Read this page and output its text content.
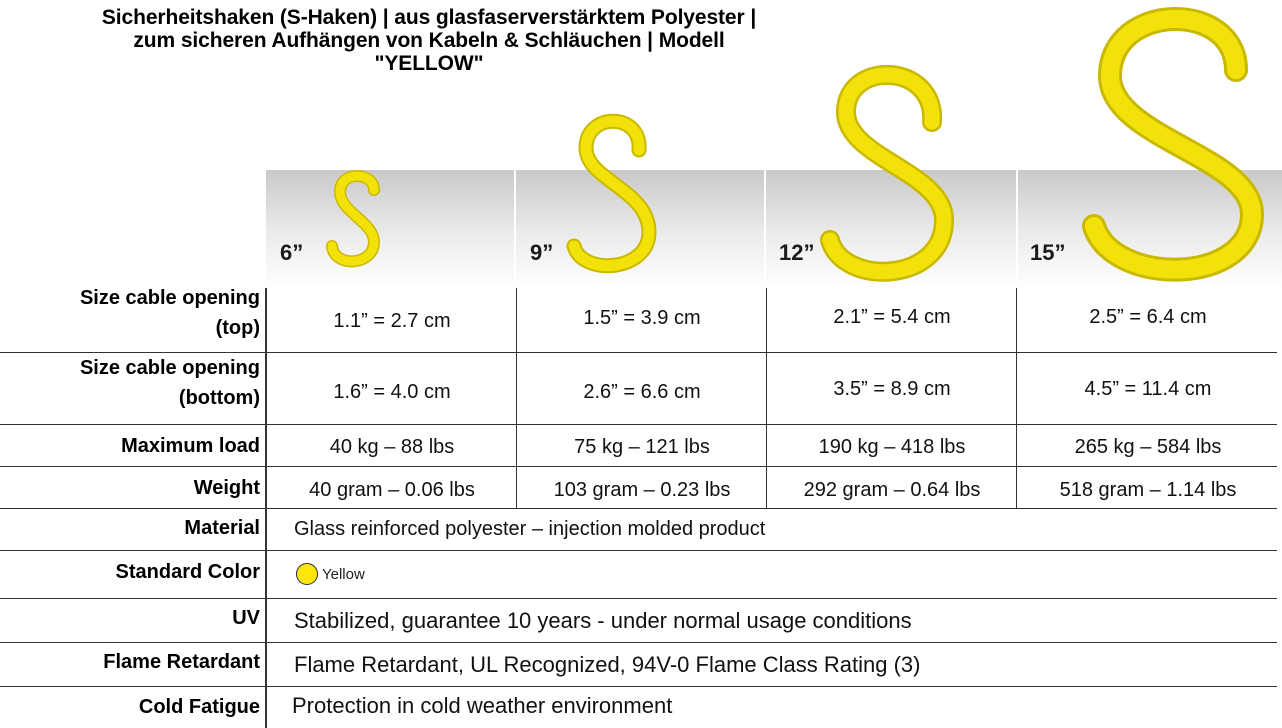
Sicherheitshaken (S-Haken) | aus glasfaserverstärktem Polyester |
zum sicheren Aufhängen von Kabeln & Schläuchen | Modell
"YELLOW"
6”	9”	12”	15”
Size cable opening
(top)	1.1” = 2.7 cm	1.5” = 3.9 cm	2.1” = 5.4 cm	2.5” = 6.4 cm
Size cable opening
(bottom)	1.6” = 4.0 cm	2.6” = 6.6 cm	3.5” = 8.9 cm	4.5” = 11.4 cm
Maximum load	40 kg – 88 lbs	75 kg – 121 lbs	190 kg – 418 lbs	265 kg – 584 lbs
Weight	40 gram – 0.06 lbs	103 gram – 0.23 lbs	292 gram – 0.64 lbs	518 gram – 1.14 lbs
Material Glass reinforced polyester – injection molded product
Standard Color	Yellow
UV Stabilized, guarantee 10 years - under normal usage conditions
Flame Retardant Flame Retardant, UL Recognized, 94V-0 Flame Class Rating (3)
Cold Fatigue Protection in cold weather environment
